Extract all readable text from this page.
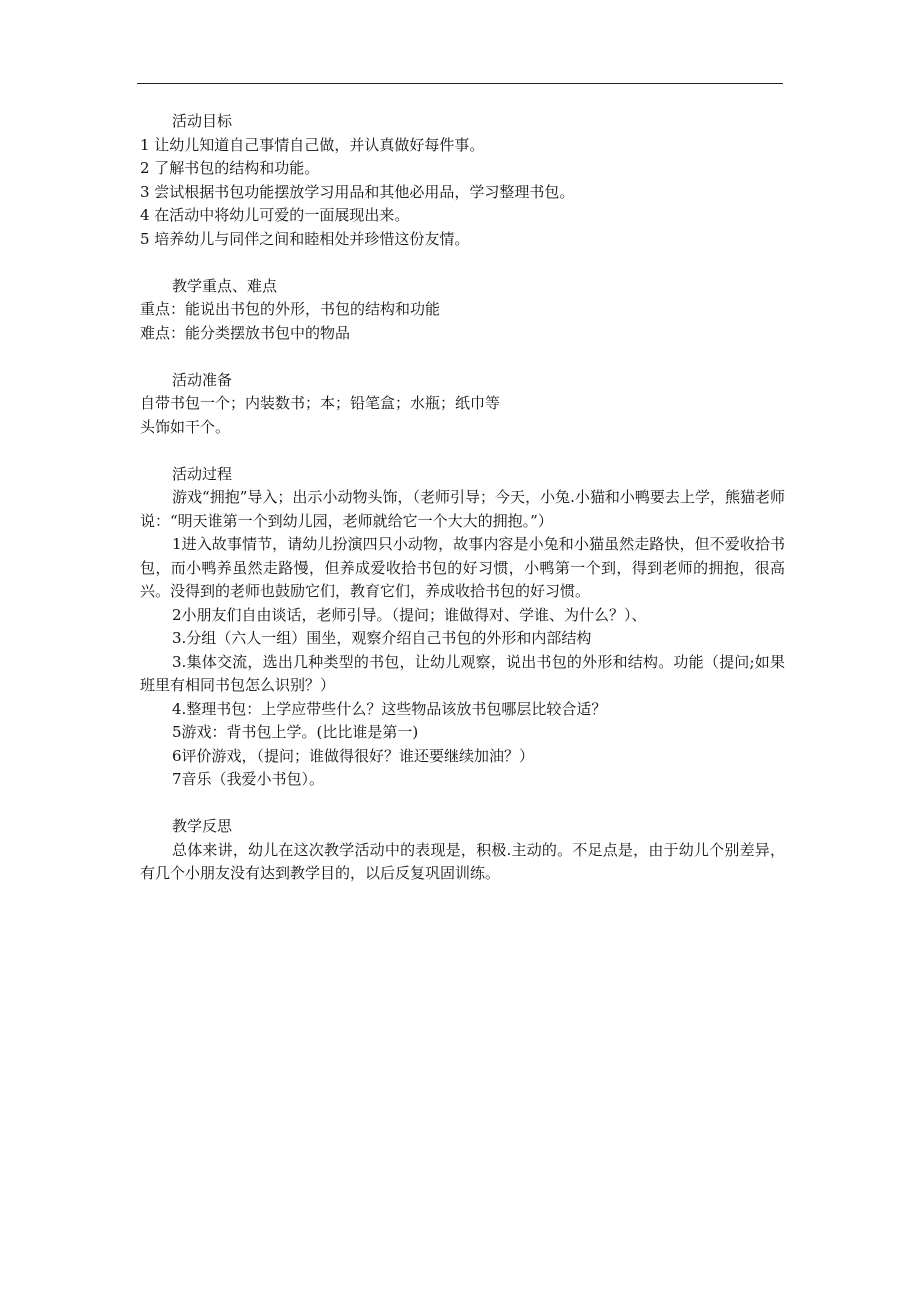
活动目标
1 让幼儿知道自己事情自己做，并认真做好每件事。
2 了解书包的结构和功能。
3 尝试根据书包功能摆放学习用品和其他必用品，学习整理书包。
4 在活动中将幼儿可爱的一面展现出来。
5 培养幼儿与同伴之间和睦相处并珍惜这份友情。
教学重点、难点
重点：能说出书包的外形，书包的结构和功能
难点：能分类摆放书包中的物品
活动准备
自带书包一个；内装数书；本；铅笔盒；水瓶；纸巾等
头饰如干个。
活动过程

游戏“拥抱”导入；出示小动物头饰，（老师引导；今天，小兔.小猫和小鸭要去上学，熊猫老师说：“明天谁第一个到幼儿园，老师就给它一个大大的拥抱。”）

1进入故事情节，请幼儿扮演四只小动物，故事内容是小兔和小猫虽然走路快，但不爱收拾书包，而小鸭养虽然走路慢，但养成爱收拾书包的好习惯，小鸭第一个到，得到老师的拥抱，很高兴。没得到的老师也鼓励它们，教育它们，养成收拾书包的好习惯。

2小朋友们自由谈话，老师引导。（提问；谁做得对、学谁、为什么？）、

3.分组（六人一组）围坐，观察介绍自己书包的外形和内部结构

3.集体交流，选出几种类型的书包，让幼儿观察，说出书包的外形和结构。功能（提问;如果班里有相同书包怎么识别？）

4.整理书包：上学应带些什么？这些物品该放书包哪层比较合适？

5游戏：背书包上学。(比比谁是第一)

6评价游戏，（提问；谁做得很好？谁还要继续加油？）

7音乐（我爱小书包）。

教学反思

总体来讲，幼儿在这次教学活动中的表现是，积极.主动的。不足点是，由于幼儿个别差异，有几个小朋友没有达到教学目的，以后反复巩固训练。
